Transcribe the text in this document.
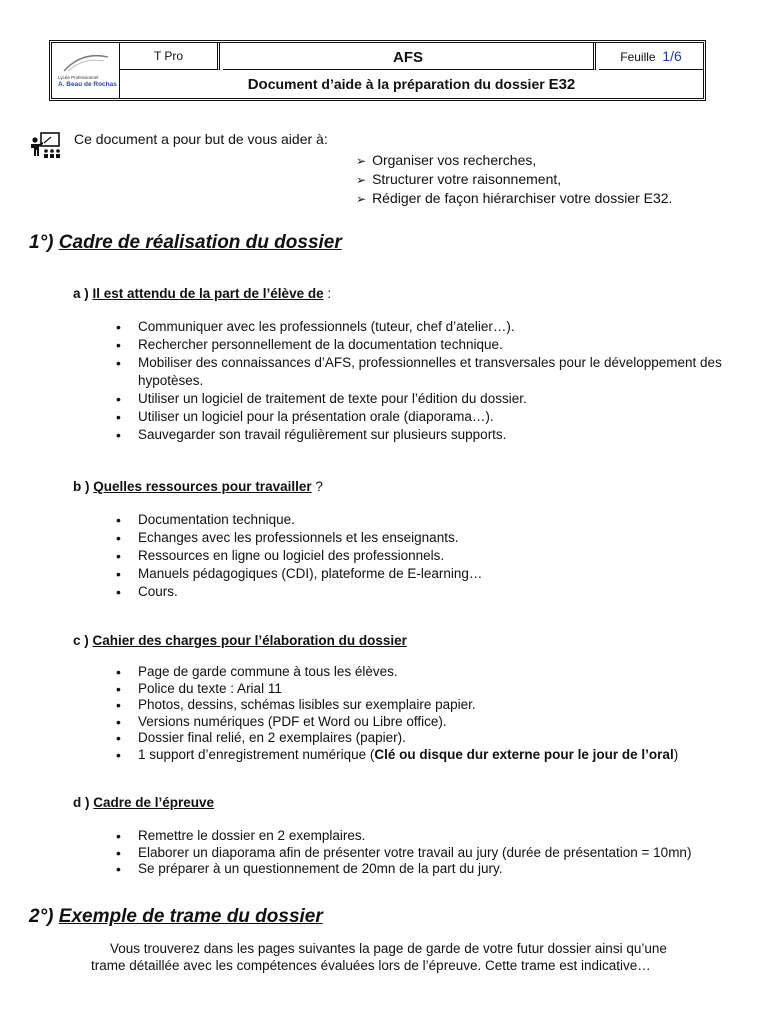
Lycée Professionnel
A. Beau de Rochas
T Pro	AFS	Feuille 1/6
Document d’aide à la préparation du dossier E32
Ce document a pour but de vous aider à:
➢ Organiser vos recherches,
➢ Structurer votre raisonnement,
➢ Rédiger de façon hiérarchiser votre dossier E32.
1°) Cadre de réalisation du dossier
a ) Il est attendu de la part de l’élève de :
• Communiquer avec les professionnels (tuteur, chef d’atelier…).
• Rechercher personnellement de la documentation technique.
• Mobiliser des connaissances d’AFS, professionnelles et transversales pour le développement des hypotèses.
• Utiliser un logiciel de traitement de texte pour l’édition du dossier.
• Utiliser un logiciel pour la présentation orale (diaporama…).
• Sauvegarder son travail régulièrement sur plusieurs supports.
b ) Quelles ressources pour travailler ?
• Documentation technique.
• Echanges avec les professionnels et les enseignants.
• Ressources en ligne ou logiciel des professionnels.
• Manuels pédagogiques (CDI), plateforme de E-learning…
• Cours.
c ) Cahier des charges pour l’élaboration du dossier
• Page de garde commune à tous les élèves.
• Police du texte : Arial 11
• Photos, dessins, schémas lisibles sur exemplaire papier.
• Versions numériques (PDF et Word ou Libre office).
• Dossier final relié, en 2 exemplaires (papier).
• 1 support d’enregistrement numérique (Clé ou disque dur externe pour le jour de l’oral)
d ) Cadre de l’épreuve
• Remettre le dossier en 2 exemplaires.
• Elaborer un diaporama afin de présenter votre travail au jury (durée de présentation = 10mn)
• Se préparer à un questionnement de 20mn de la part du jury.
2°) Exemple de trame du dossier
Vous trouverez dans les pages suivantes la page de garde de votre futur dossier ainsi qu’une
trame détaillée avec les compétences évaluées lors de l’épreuve. Cette trame est indicative…
